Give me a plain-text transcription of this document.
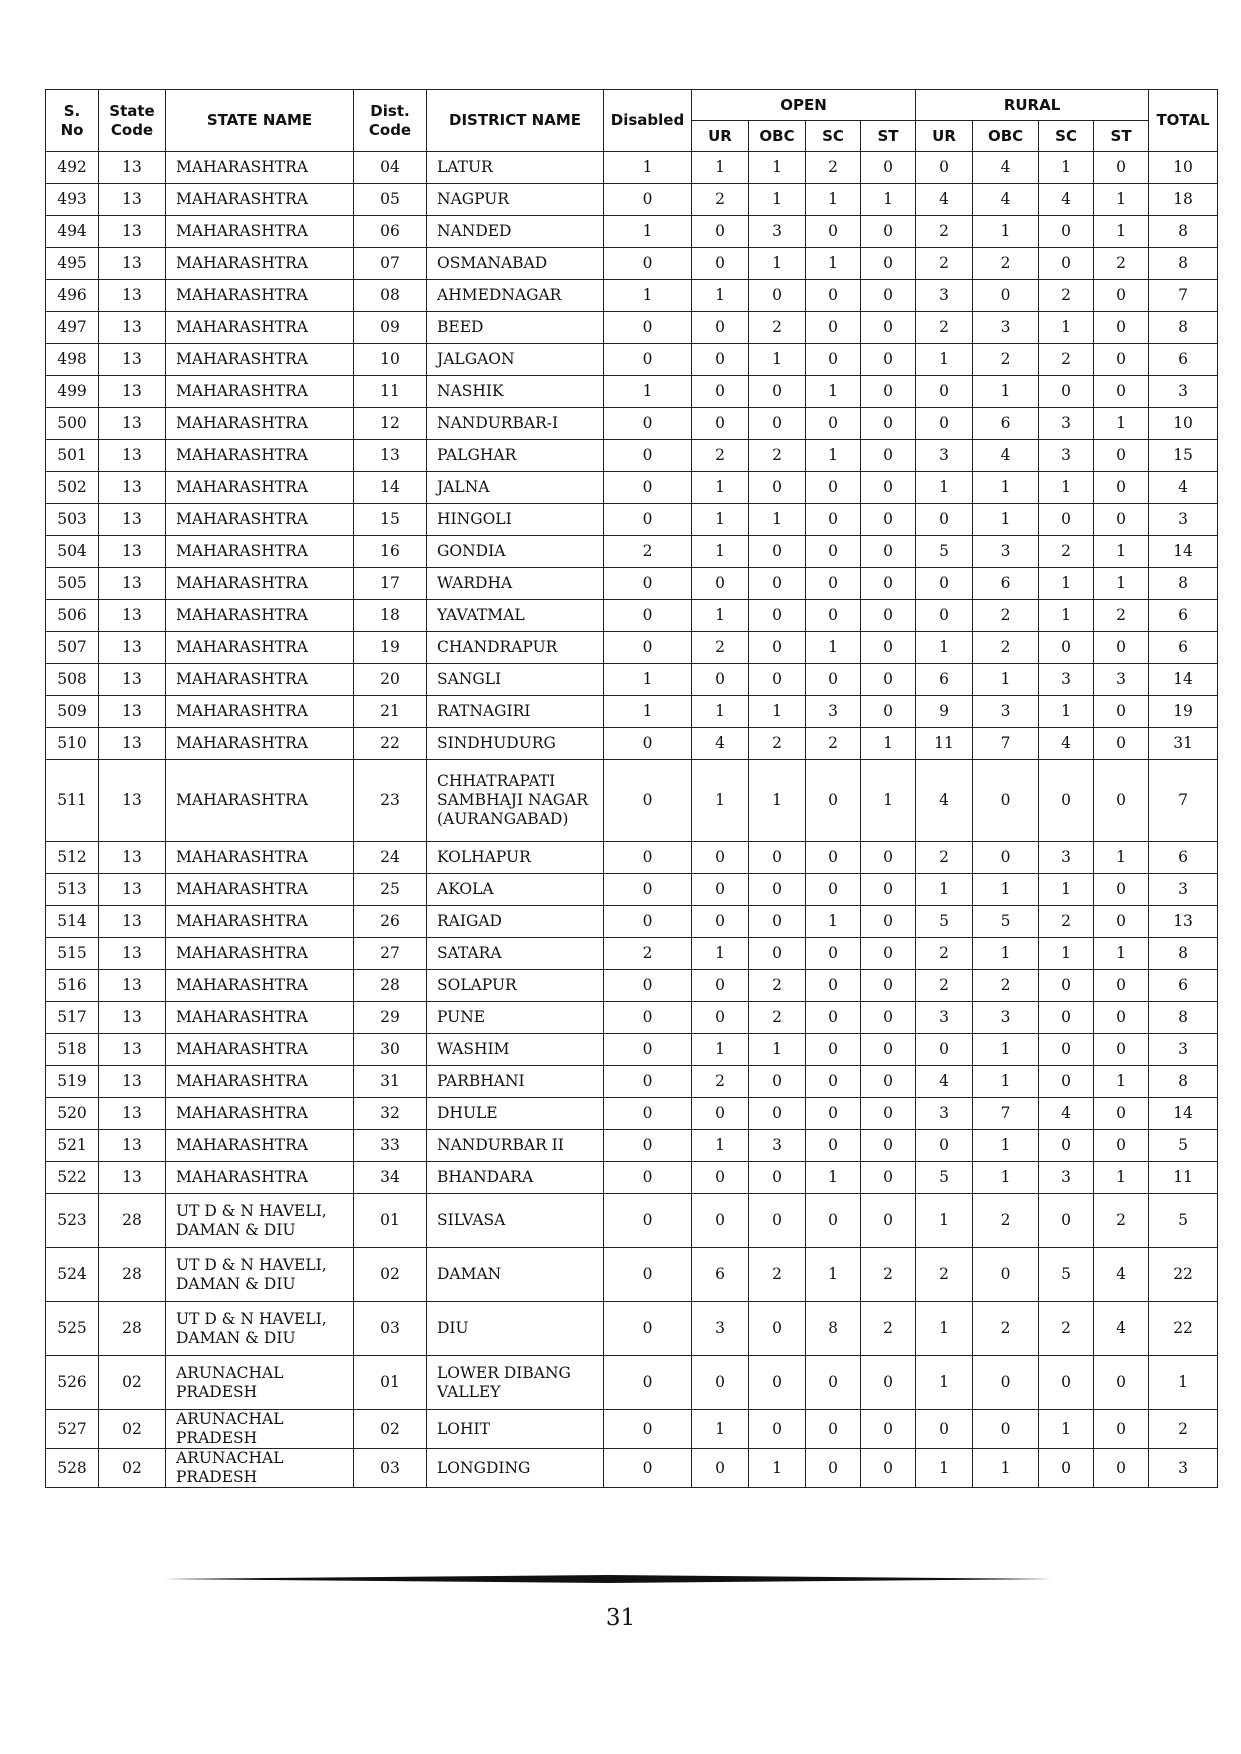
S. No	State Code	STATE NAME	Dist. Code	DISTRICT NAME	Disabled	OPEN				RURAL				TOTAL
						UR	OBC	SC	ST	UR	OBC	SC	ST	
492	13	MAHARASHTRA	04	LATUR	1	1	1	2	0	0	4	1	0	10
493	13	MAHARASHTRA	05	NAGPUR	0	2	1	1	1	4	4	4	1	18
494	13	MAHARASHTRA	06	NANDED	1	0	3	0	0	2	1	0	1	8
495	13	MAHARASHTRA	07	OSMANABAD	0	0	1	1	0	2	2	0	2	8
496	13	MAHARASHTRA	08	AHMEDNAGAR	1	1	0	0	0	3	0	2	0	7
497	13	MAHARASHTRA	09	BEED	0	0	2	0	0	2	3	1	0	8
498	13	MAHARASHTRA	10	JALGAON	0	0	1	0	0	1	2	2	0	6
499	13	MAHARASHTRA	11	NASHIK	1	0	0	1	0	0	1	0	0	3
500	13	MAHARASHTRA	12	NANDURBAR-I	0	0	0	0	0	0	6	3	1	10
501	13	MAHARASHTRA	13	PALGHAR	0	2	2	1	0	3	4	3	0	15
502	13	MAHARASHTRA	14	JALNA	0	1	0	0	0	1	1	1	0	4
503	13	MAHARASHTRA	15	HINGOLI	0	1	1	0	0	0	1	0	0	3
504	13	MAHARASHTRA	16	GONDIA	2	1	0	0	0	5	3	2	1	14
505	13	MAHARASHTRA	17	WARDHA	0	0	0	0	0	0	6	1	1	8
506	13	MAHARASHTRA	18	YAVATMAL	0	1	0	0	0	0	2	1	2	6
507	13	MAHARASHTRA	19	CHANDRAPUR	0	2	0	1	0	1	2	0	0	6
508	13	MAHARASHTRA	20	SANGLI	1	0	0	0	0	6	1	3	3	14
509	13	MAHARASHTRA	21	RATNAGIRI	1	1	1	3	0	9	3	1	0	19
510	13	MAHARASHTRA	22	SINDHUDURG	0	4	2	2	1	11	7	4	0	31
511	13	MAHARASHTRA	23	CHHATRAPATI SAMBHAJI NAGAR (AURANGABAD)	0	1	1	0	1	4	0	0	0	7
512	13	MAHARASHTRA	24	KOLHAPUR	0	0	0	0	0	2	0	3	1	6
513	13	MAHARASHTRA	25	AKOLA	0	0	0	0	0	1	1	1	0	3
514	13	MAHARASHTRA	26	RAIGAD	0	0	0	1	0	5	5	2	0	13
515	13	MAHARASHTRA	27	SATARA	2	1	0	0	0	2	1	1	1	8
516	13	MAHARASHTRA	28	SOLAPUR	0	0	2	0	0	2	2	0	0	6
517	13	MAHARASHTRA	29	PUNE	0	0	2	0	0	3	3	0	0	8
518	13	MAHARASHTRA	30	WASHIM	0	1	1	0	0	0	1	0	0	3
519	13	MAHARASHTRA	31	PARBHANI	0	2	0	0	0	4	1	0	1	8
520	13	MAHARASHTRA	32	DHULE	0	0	0	0	0	3	7	4	0	14
521	13	MAHARASHTRA	33	NANDURBAR II	0	1	3	0	0	0	1	0	0	5
522	13	MAHARASHTRA	34	BHANDARA	0	0	0	1	0	5	1	3	1	11
523	28	UT D & N HAVELI, DAMAN & DIU	01	SILVASA	0	0	0	0	0	1	2	0	2	5
524	28	UT D & N HAVELI, DAMAN & DIU	02	DAMAN	0	6	2	1	2	2	0	5	4	22
525	28	UT D & N HAVELI, DAMAN & DIU	03	DIU	0	3	0	8	2	1	2	2	4	22
526	02	ARUNACHAL PRADESH	01	LOWER DIBANG VALLEY	0	0	0	0	0	1	0	0	0	1
527	02	ARUNACHAL PRADESH	02	LOHIT	0	1	0	0	0	0	0	1	0	2
528	02	ARUNACHAL PRADESH	03	LONGDING	0	0	1	0	0	1	1	0	0	3
31
